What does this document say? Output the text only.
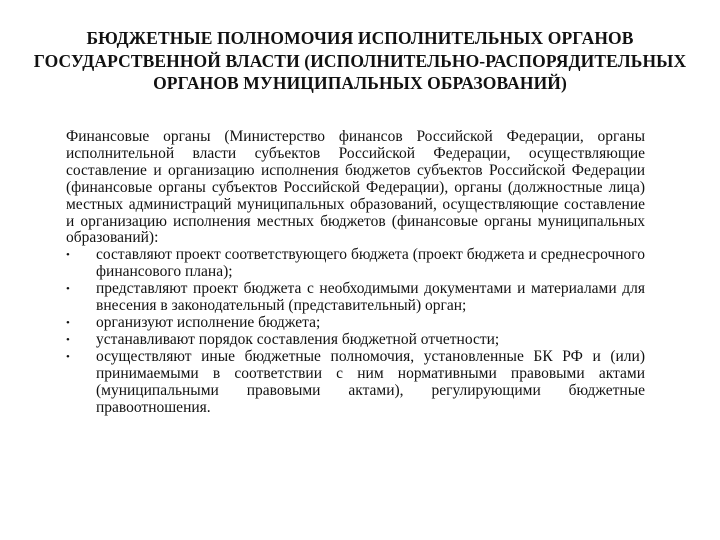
БЮДЖЕТНЫЕ ПОЛНОМОЧИЯ ИСПОЛНИТЕЛЬНЫХ ОРГАНОВ ГОСУДАРСТВЕННОЙ ВЛАСТИ (ИСПОЛНИТЕЛЬНО-РАСПОРЯДИТЕЛЬНЫХ ОРГАНОВ МУНИЦИПАЛЬНЫХ ОБРАЗОВАНИЙ)

Финансовые органы (Министерство финансов Российской Федерации, органы исполнительной власти субъектов Российской Федерации, осуществляющие составление и организацию исполнения бюджетов субъектов Российской Федерации (финансовые органы субъектов Российской Федерации), органы (должностные лица) местных администраций муниципальных образований, осуществляющие составление и организацию исполнения местных бюджетов (финансовые органы муниципальных образований):

• составляют проект соответствующего бюджета (проект бюджета и среднесрочного финансового плана);
• представляют проект бюджета с необходимыми документами и материалами для внесения в законодательный (представительный) орган;
• организуют исполнение бюджета;
• устанавливают порядок составления бюджетной отчетности;
• осуществляют иные бюджетные полномочия, установленные БК РФ и (или) принимаемыми в соответствии с ним нормативными правовыми актами (муниципальными правовыми актами), регулирующими бюджетные правоотношения.
